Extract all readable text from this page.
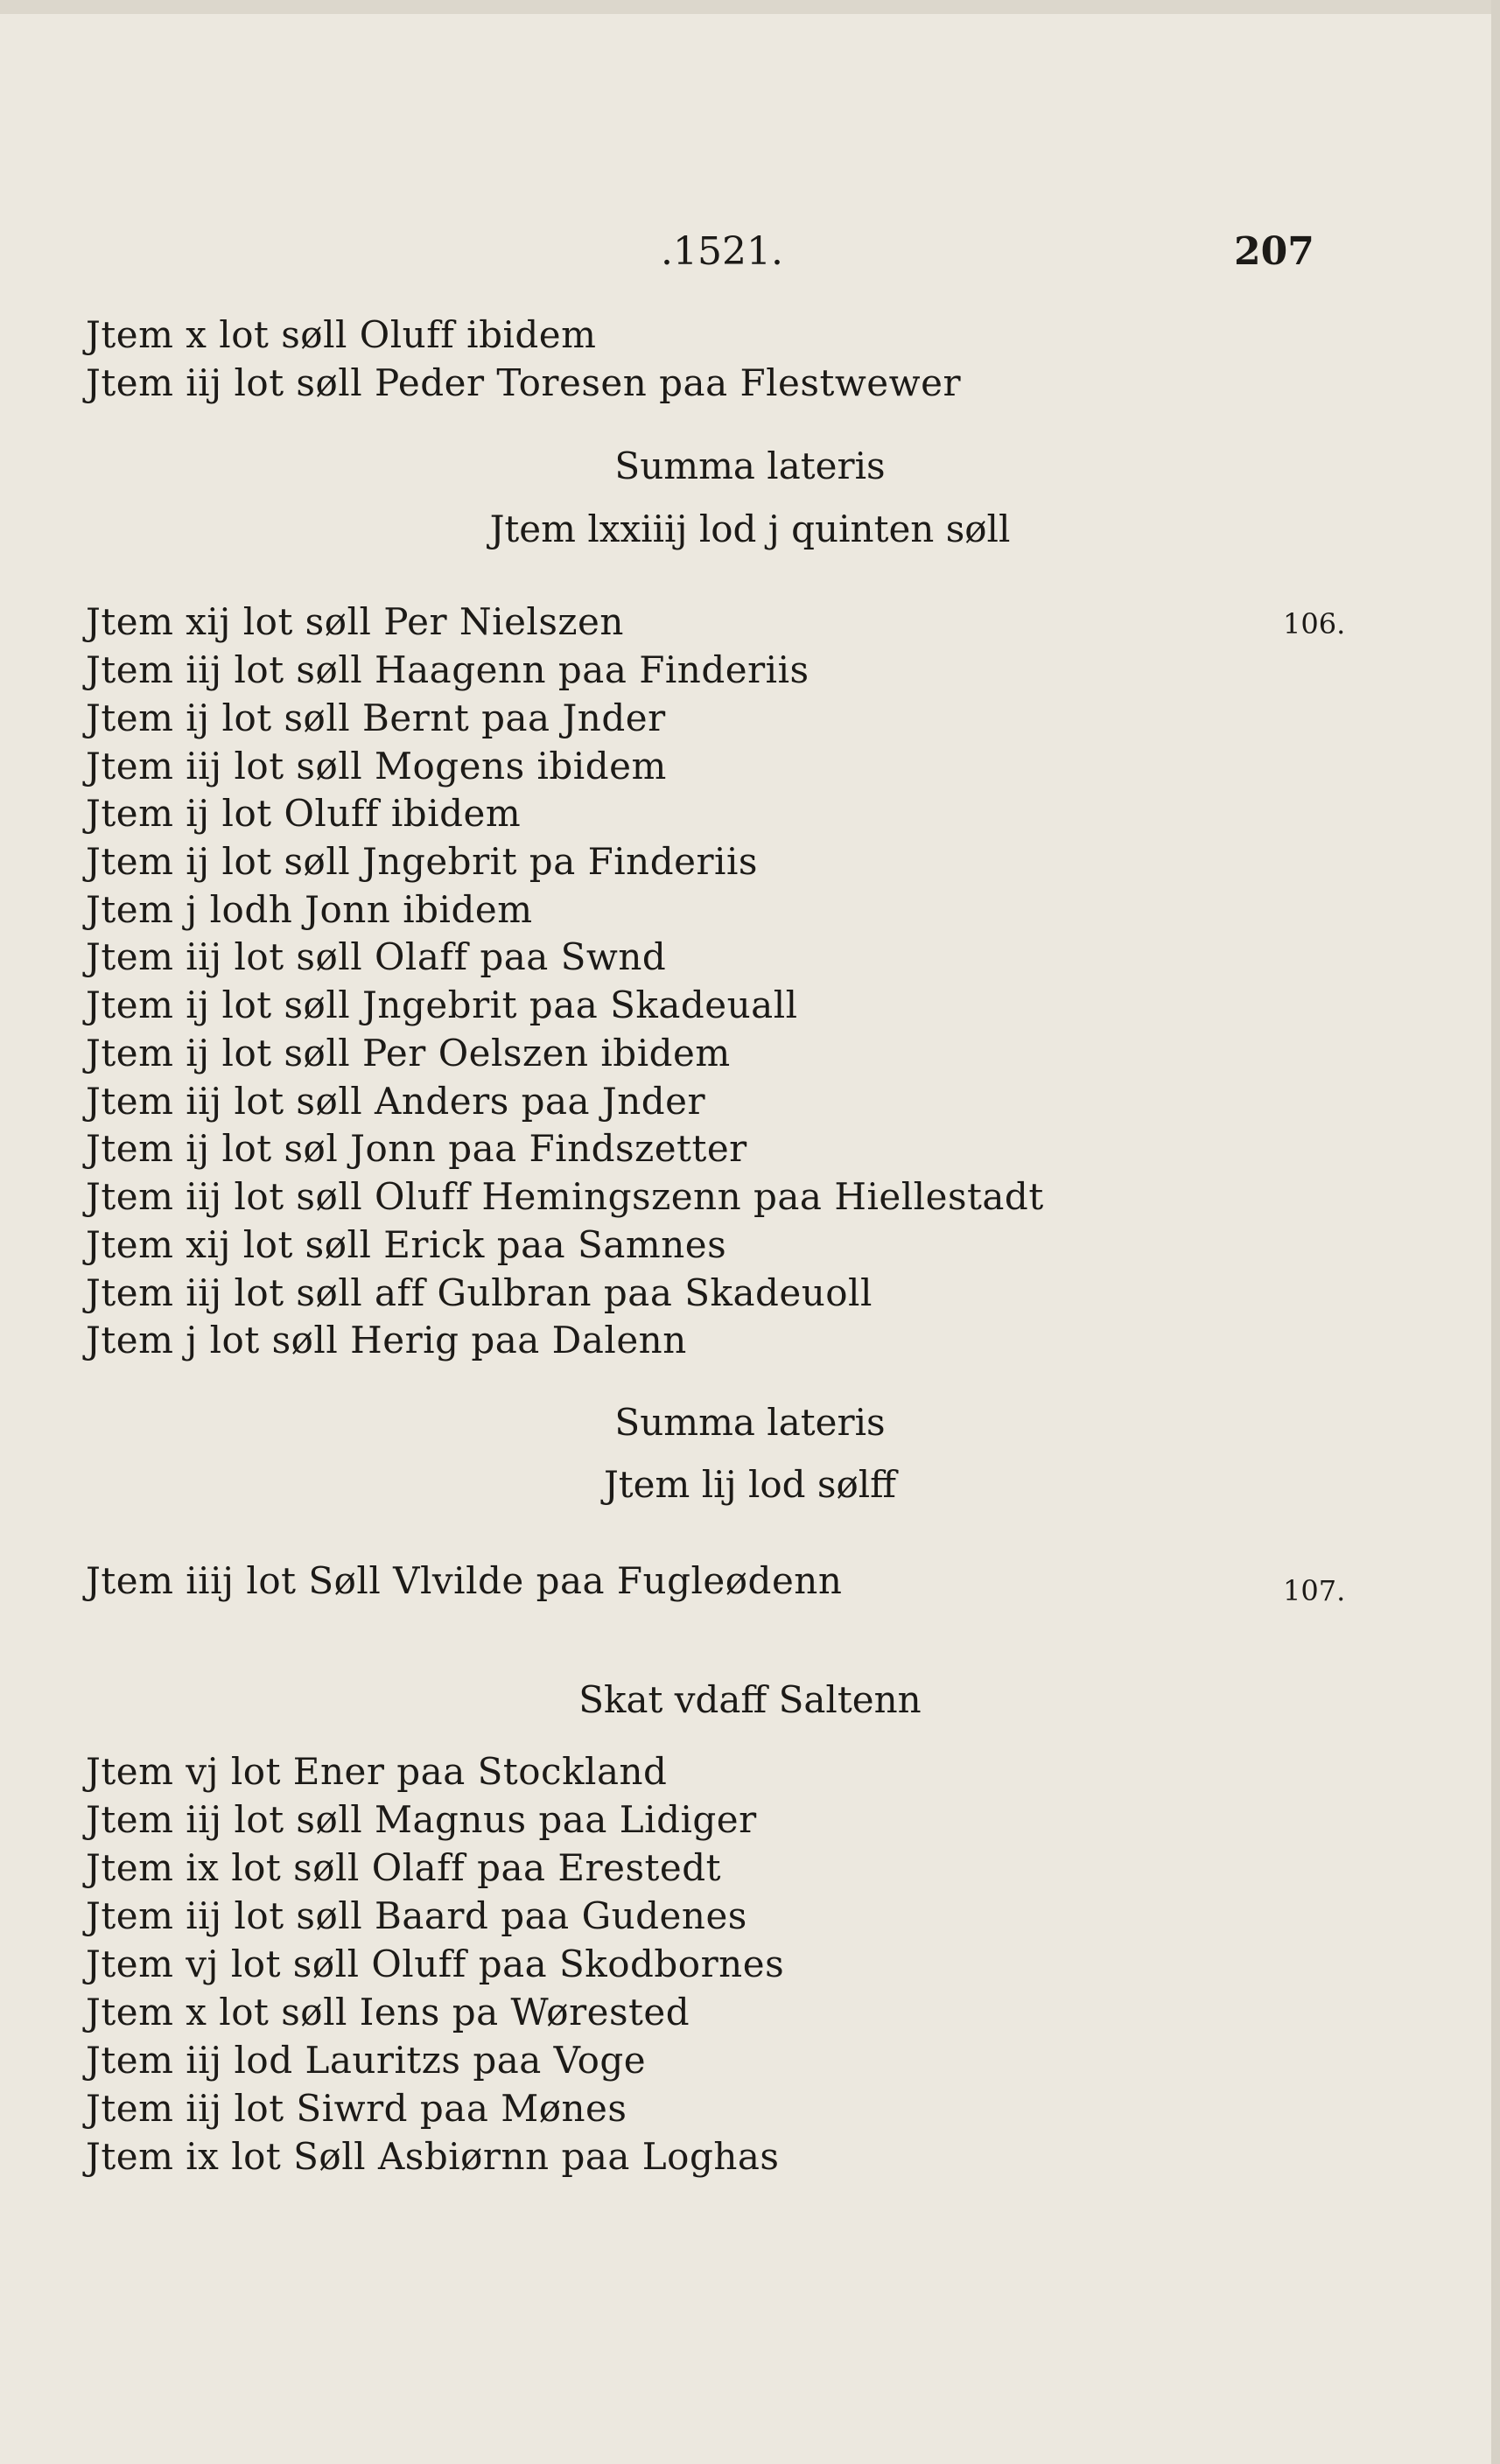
.1521.	207
Jtem x lot søll Oluff ibidem
Jtem iij lot søll Peder Toresen paa Flestwewer
Summa lateris
Jtem lxxiiij lod j quinten søll
106.
Jtem xij lot søll Per Nielszen
Jtem iij lot søll Haagenn paa Finderiis
Jtem ij lot søll Bernt paa Jnder
Jtem iij lot søll Mogens ibidem
Jtem ij lot Oluff ibidem
Jtem ij lot søll Jngebrit pa Finderiis
Jtem j lodh Jonn ibidem
Jtem iij lot søll Olaff paa Swnd
Jtem ij lot søll Jngebrit paa Skadeuall
Jtem ij lot søll Per Oelszen ibidem
Jtem iij lot søll Anders paa Jnder
Jtem ij lot søl Jonn paa Findszetter
Jtem iij lot søll Oluff Hemingszenn paa Hiellestadt
Jtem xij lot søll Erick paa Samnes
Jtem iij lot søll aff Gulbran paa Skadeuoll
Jtem j lot søll Herig paa Dalenn
Summa lateris
Jtem lij lod sølff
Jtem iiij lot Søll Vlvilde paa Fugleødenn	107.
Skat vdaff Saltenn
Jtem vj lot Ener paa Stockland
Jtem iij lot søll Magnus paa Lidiger
Jtem ix lot søll Olaff paa Erestedt
Jtem iij lot søll Baard paa Gudenes
Jtem vj lot søll Oluff paa Skodbornes
Jtem x lot søll Iens pa Wørested
Jtem iij lod Lauritzs paa Voge
Jtem iij lot Siwrd paa Mønes
Jtem ix lot Søll Asbiørnn paa Loghas
